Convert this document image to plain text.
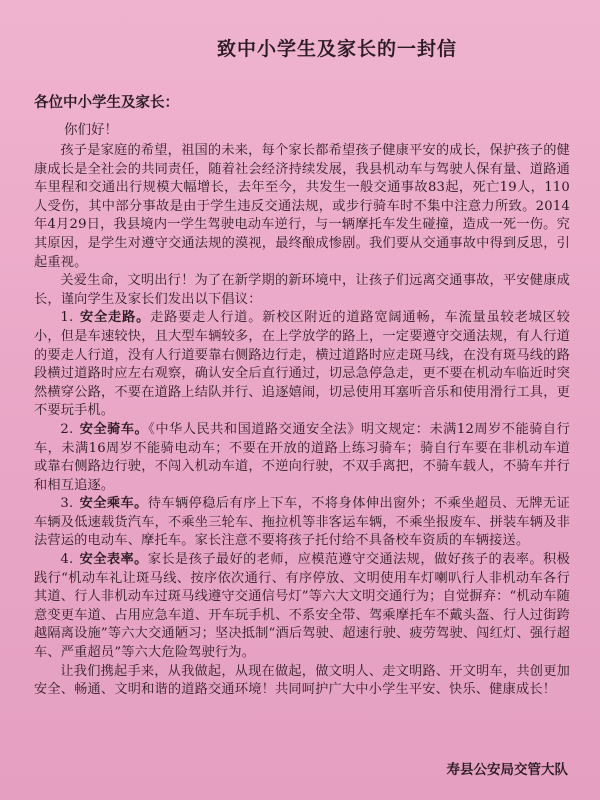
致中小学生及家长的一封信
各位中小学生及家长：
你们好！

孩子是家庭的希望，祖国的未来，每个家长都希望孩子健康平安的成长，保护孩子的健康成长是全社会的共同责任，随着社会经济持续发展，我县机动车与驾驶人保有量、道路通车里程和交通出行规模大幅增长，去年至今，共发生一般交通事故83起，死亡19人，110人受伤，其中部分事故是由于学生违反交通法规，或步行骑车时不集中注意力所致。2014年4月29日，我县境内一学生驾驶电动车逆行，与一辆摩托车发生碰撞，造成一死一伤。究其原因，是学生对遵守交通法规的漠视，最终酿成惨剧。我们要从交通事故中得到反思，引起重视。

关爱生命，文明出行！为了在新学期的新环境中，让孩子们远离交通事故，平安健康成长，谨向学生及家长们发出以下倡议：

1. 安全走路。走路要走人行道。新校区附近的道路宽阔通畅，车流量虽较老城区较小，但是车速较快，且大型车辆较多，在上学放学的路上，一定要遵守交通法规，有人行道的要走人行道，没有人行道要靠右侧路边行走，横过道路时应走斑马线，在没有斑马线的路段横过道路时应左右观察，确认安全后直行通过，切忌急停急走，更不要在机动车临近时突然横穿公路，不要在道路上结队并行、追逐嬉闹，切忌使用耳塞听音乐和使用滑行工具，更不要玩手机。

2. 安全骑车。《中华人民共和国道路交通安全法》明文规定：未满12周岁不能骑自行车，未满16周岁不能骑电动车；不要在开放的道路上练习骑车；骑自行车要在非机动车道或靠右侧路边行驶，不闯入机动车道，不逆向行驶，不双手离把，不骑车载人，不骑车并行和相互追逐。

3. 安全乘车。待车辆停稳后有序上下车，不将身体伸出窗外；不乘坐超员、无牌无证车辆及低速载货汽车，不乘坐三轮车、拖拉机等非客运车辆，不乘坐报废车、拼装车辆及非法营运的电动车、摩托车。家长注意不要将孩子托付给不具备校车资质的车辆接送。

4. 安全表率。家长是孩子最好的老师，应模范遵守交通法规，做好孩子的表率。积极践行“机动车礼让斑马线、按序依次通行、有序停放、文明使用车灯喇叭行人非机动车各行其道、行人非机动车过斑马线遵守交通信号灯”等六大文明交通行为；自觉摒弃：“机动车随意变更车道、占用应急车道、开车玩手机、不系安全带、驾乘摩托车不戴头盔、行人过街跨越隔离设施”等六大交通陋习；坚决抵制“酒后驾驶、超速行驶、疲劳驾驶、闯红灯、强行超车、严重超员”等六大危险驾驶行为。

让我们携起手来，从我做起，从现在做起，做文明人、走文明路、开文明车，共创更加安全、畅通、文明和谐的道路交通环境！共同呵护广大中小学生平安、快乐、健康成长！

寿县公安局交管大队
